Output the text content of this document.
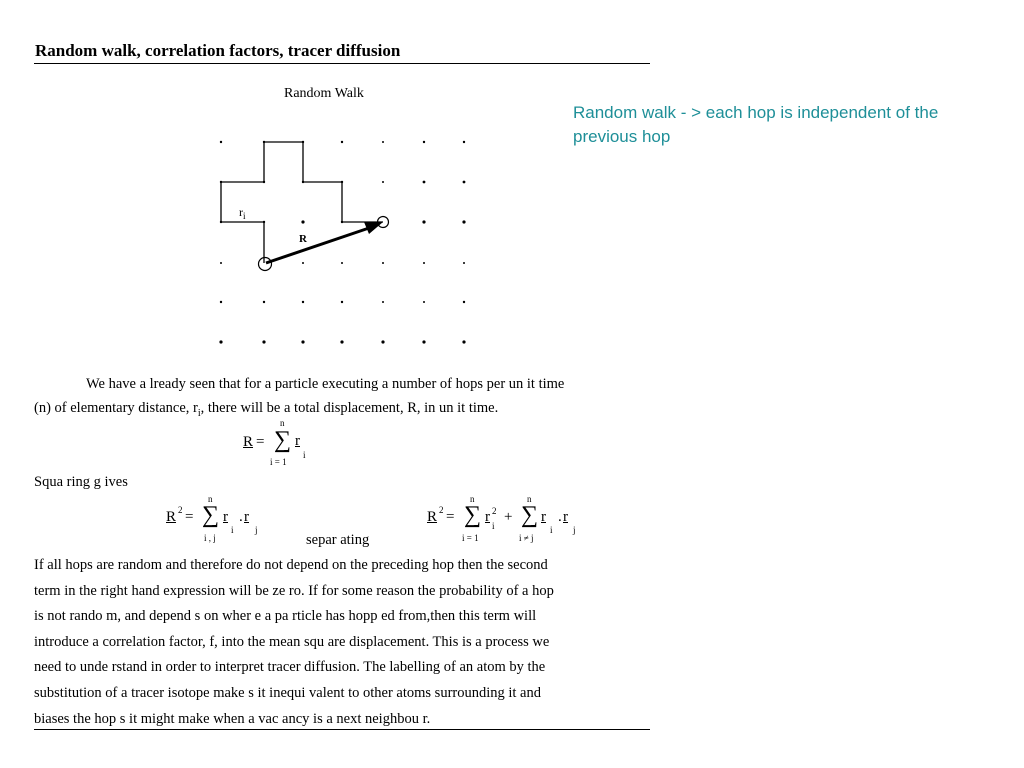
Random walk, correlation factors, tracer diffusion
Random Walk
Random walk - > each hop is independent of the previous hop
$r_i$
R
We have a lready seen that for a particle executing a number of hops per un it time
(n) of elementary distance, $r_i$, there will be a total displacement, R, in un it time.
R =
n
∑
i = 1
r
i
Squa ring g ives
R 2 =
n
∑
i , j
r
i
. r
j
separ ating
R 2 =
n
∑
i = 1
r 2
i
+
n
∑
i ≠ j
r
i
. r
j
If all hops are random and therefore do not depend on the preceding hop then the second
term in the right hand expression will be ze ro. If for some reason the probability of a hop
is not rando m, and depend s on wher e a pa rticle has hopp ed from,then this term will
introduce a correlation factor, f, into the mean squ are displacement. This is a process we
need to unde rstand in order to interpret tracer diffusion. The labelling of an atom by the
substitution of a tracer isotope make s it inequi valent to other atoms surrounding it and
biases the hop s it might make when a vac ancy is a next neighbou r.
